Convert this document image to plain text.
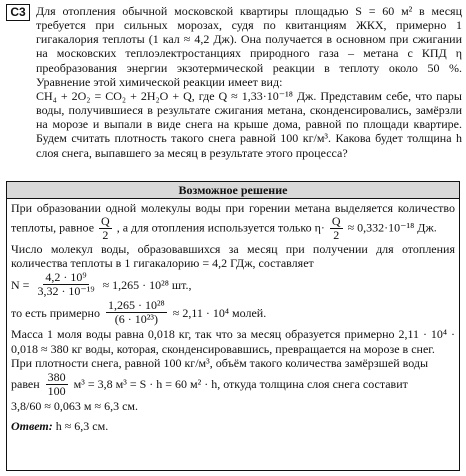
C3 Для отопления обычной московской квартиры площадью S = 60 м² в месяц требуется при сильных морозах, судя по квитанциям ЖКХ, примерно 1 гигакалория теплоты (1 кал ≈ 4,2 Дж). Она получается в основном при сжигании на московских теплоэлектростанциях природного газа – метана с КПД η преобразования энергии экзотермической реакции в теплоту около 50 %. Уравнение этой химической реакции имеет вид:

CH₄ + 2O₂ = CO₂ + 2H₂O + Q, где Q ≈ 1,33·10⁻¹⁸ Дж. Представим себе, что пары воды, получившиеся в результате сжигания метана, сконденсировались, замёрзли на морозе и выпали в виде снега на крыше дома, равной по площади квартире. Будем считать плотность такого снега равной 100 кг/м³. Какова будет толщина h слоя снега, выпавшего за месяц в результате этого процесса?

Возможное решение
При образовании одной молекулы воды при горении метана выделяется количество теплоты, равное $\frac{Q}{2}$ , а для отопления используется только $\eta\cdot \frac{Q}{2} \approx 0,332\cdot 10^{-18}$ Дж.
Число молекул воды, образовавшихся за месяц при получении для отопления количества теплоты в 1 гигакалорию = 4,2 ГДж, составляет
$N = \frac{\text{4,2 · 10⁹}}{\text{3,32 · 10⁻¹⁹}} \approx 1,265 \cdot 10^{28}$ шт.,
то есть примерно $\frac{\text{1,265 · 10²⁸}}{\text{(6 · 10²³)}} \approx 2,11 \cdot 10^4$ молей.
Масса 1 моля воды равна 0,018 кг, так что за месяц образуется примерно 2,11 · 10⁴ · 0,018 ≈ 380 кг воды, которая, сконденсировавшись, превращается на морозе в снег.
При плотности снега, равной 100 кг/м³, объём такого количества замёрзшей воды
равен $\frac{380}{100} м^3 = 3,8$ м³ = S · h = 60 м² · h, откуда толщина слоя снега составит
3,8/60 ≈ 0,063 м ≈ 6,3 см.
Ответ: h ≈ 6,3 см.
